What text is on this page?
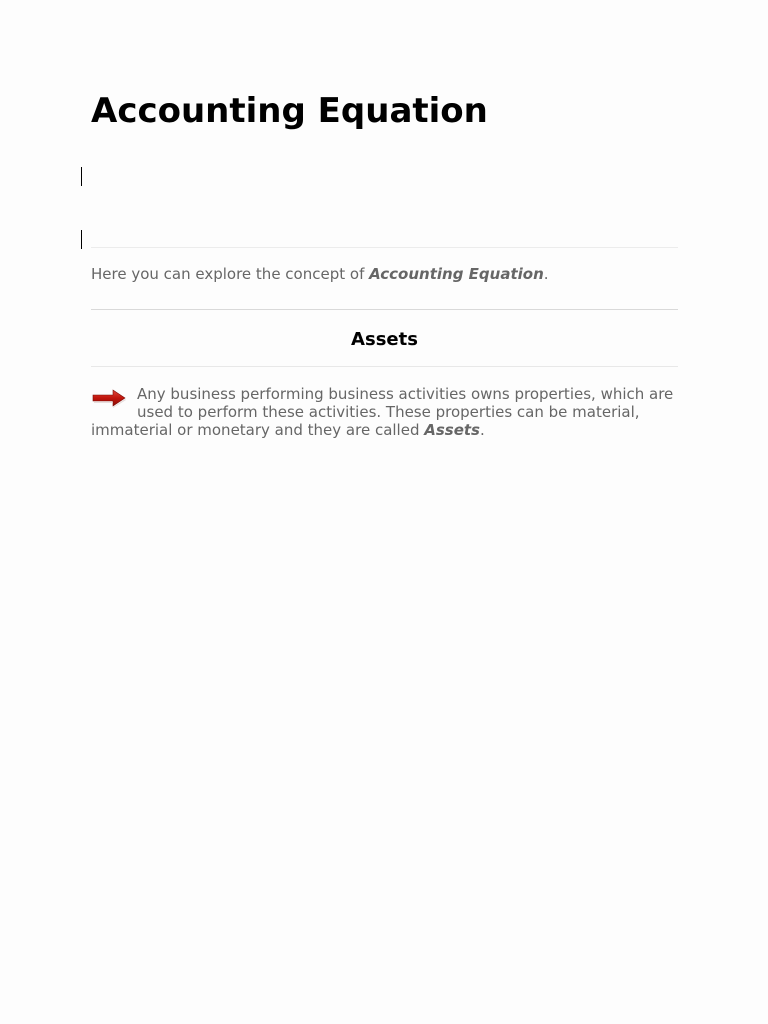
Accounting Equation
Here you can explore the concept of Accounting Equation.
Assets
Any business performing business activities owns properties, which are used to perform these activities. These properties can be material, immaterial or monetary and they are called Assets.
